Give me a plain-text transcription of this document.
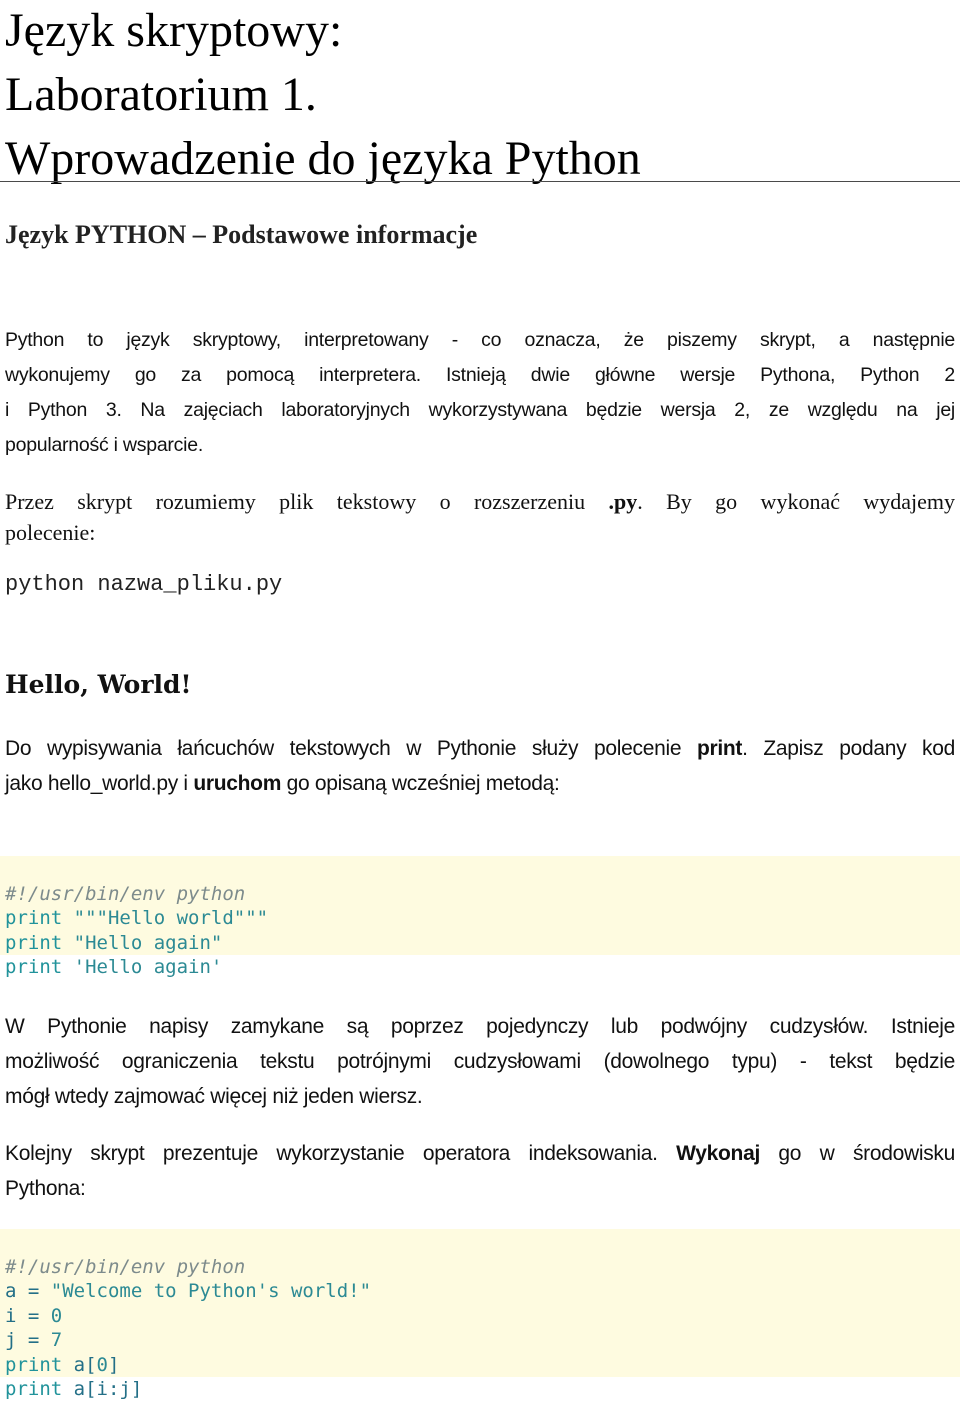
Język skryptowy:
Laboratorium 1.
Wprowadzenie do języka Python
Język PYTHON – Podstawowe informacje
Python to język skryptowy, interpretowany - co oznacza, że piszemy skrypt, a następnie
wykonujemy go za pomocą interpretera. Istnieją dwie główne wersje Pythona, Python 2
i Python 3. Na zajęciach laboratoryjnych wykorzystywana będzie wersja 2, ze względu na jej
popularność i wsparcie.
Przez skrypt rozumiemy plik tekstowy o rozszerzeniu .py. By go wykonać wydajemy
polecenie:
python nazwa_pliku.py
Hello, World!
Do wypisywania łańcuchów tekstowych w Pythonie służy polecenie print. Zapisz podany kod
jako hello_world.py i uruchom go opisaną wcześniej metodą:

#!/usr/bin/env python
print """Hello world"""
print "Hello again"
print 'Hello again'

W Pythonie napisy zamykane są poprzez pojedynczy lub podwójny cudzysłów. Istnieje
możliwość ograniczenia tekstu potrójnymi cudzysłowami (dowolnego typu) - tekst będzie
mógł wtedy zajmować więcej niż jeden wiersz.
Kolejny skrypt prezentuje wykorzystanie operatora indeksowania. Wykonaj go w środowisku
Pythona:

#!/usr/bin/env python
a = "Welcome to Python's world!"
i = 0
j = 7
print a[0]
print a[i:j]
